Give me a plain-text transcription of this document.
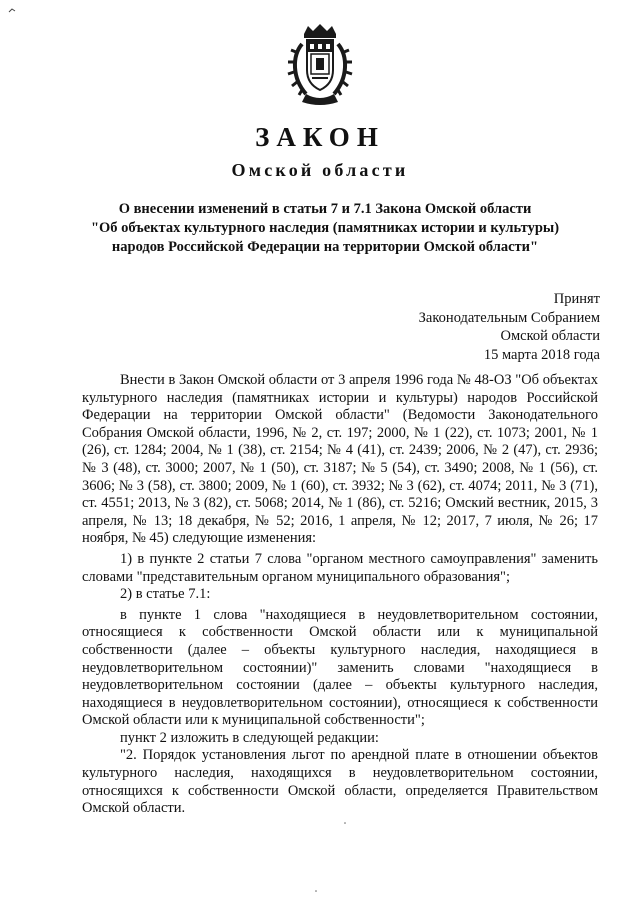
ЗАКОН
Омской области
О внесении изменений в статьи 7 и 7.1 Закона Омской области
"Об объектах культурного наследия (памятниках истории и культуры)
народов Российской Федерации на территории Омской области"
Принят
Законодательным Собранием
Омской области
15 марта 2018 года

Внести в Закон Омской области от 3 апреля 1996 года № 48-ОЗ "Об объектах культурного наследия (памятниках истории и культуры) народов Российской Федерации на территории Омской области" (Ведомости Законодательного Собрания Омской области, 1996, № 2, ст. 197; 2000, № 1 (22), ст. 1073; 2001, № 1 (26), ст. 1284; 2004, № 1 (38), ст. 2154; № 4 (41), ст. 2439; 2006, № 2 (47), ст. 2936; № 3 (48), ст. 3000; 2007, № 1 (50), ст. 3187; № 5 (54), ст. 3490; 2008, № 1 (56), ст. 3606; № 3 (58), ст. 3800; 2009, № 1 (60), ст. 3932; № 3 (62), ст. 4074; 2011, № 3 (71), ст. 4551; 2013, № 3 (82), ст. 5068; 2014, № 1 (86), ст. 5216; Омский вестник, 2015, 3 апреля, № 13; 18 декабря, № 52; 2016, 1 апреля, № 12; 2017, 7 июля, № 26; 17 ноября, № 45) следующие изменения:

1) в пункте 2 статьи 7 слова "органом местного самоуправления" заменить словами "представительным органом муниципального образования";

2) в статье 7.1:

в пункте 1 слова "находящиеся в неудовлетворительном состоянии, относящиеся к собственности Омской области или к муниципальной собственности (далее – объекты культурного наследия, находящиеся в неудовлетворительном состоянии)" заменить словами "находящиеся в неудовлетворительном состоянии (далее – объекты культурного наследия, находящиеся в неудовлетворительном состоянии), относящиеся к собственности Омской области или к муниципальной собственности";

пункт 2 изложить в следующей редакции:

"2. Порядок установления льгот по арендной плате в отношении объектов культурного наследия, находящихся в неудовлетворительном состоянии, относящихся к собственности Омской области, определяется Правительством Омской области.
